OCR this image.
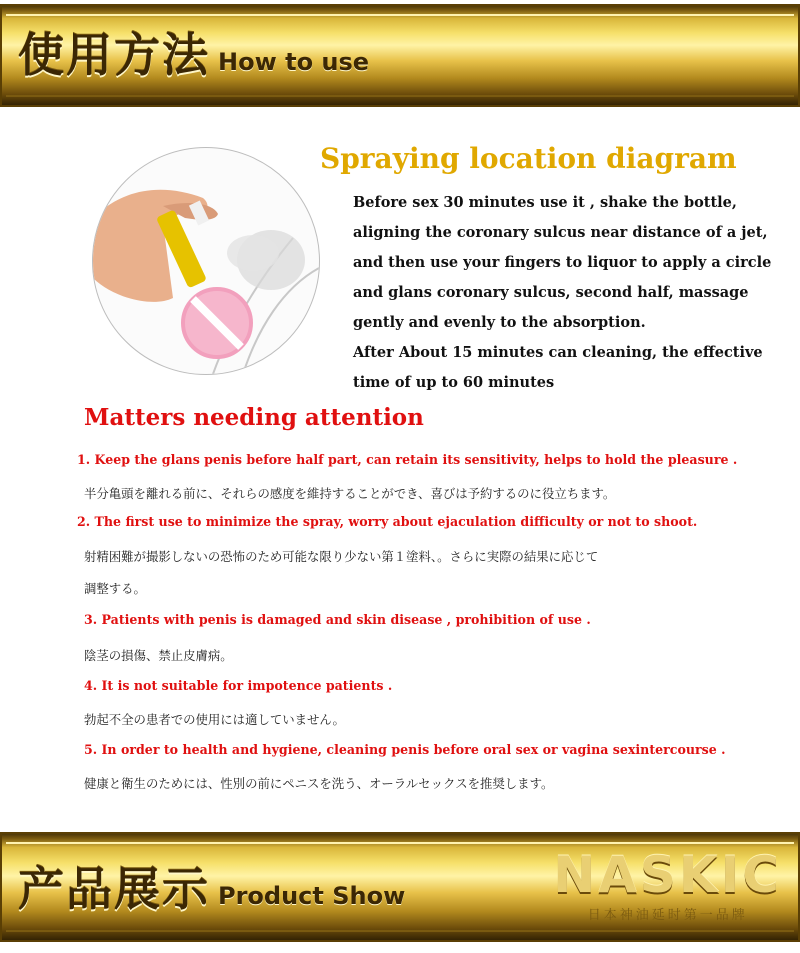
使用方法 How to use
Spraying location diagram
Before sex 30 minutes use it , shake the bottle, aligning the coronary sulcus near distance of a jet, and then use your fingers to liquor to apply a circle and glans coronary sulcus, second half, massage gently and evenly to the absorption.
After About 15 minutes can cleaning, the effective time of up to 60 minutes
Matters needing attention
1. Keep the glans penis before half part, can retain its sensitivity, helps to hold the pleasure .
半分亀頭を離れる前に、それらの感度を維持することができ、喜びは予約するのに役立ちます。
2. The first use to minimize the spray, worry about ejaculation difficulty or not to shoot.
射精困難が撮影しないの恐怖のため可能な限り少ない第１塗料、。さらに実際の結果に応じて
調整する。
3. Patients with penis is damaged and skin disease , prohibition of use .
陰茎の損傷、禁止皮膚病。
4. It is not suitable for impotence patients .
勃起不全の患者での使用には適していません。
5. In order to health and hygiene, cleaning penis before oral sex or vagina sexintercourse .
健康と衛生のためには、性別の前にペニスを洗う、オーラルセックスを推奨します。
产品展示 Product Show	NASKIC
日本神油延时第一品牌
